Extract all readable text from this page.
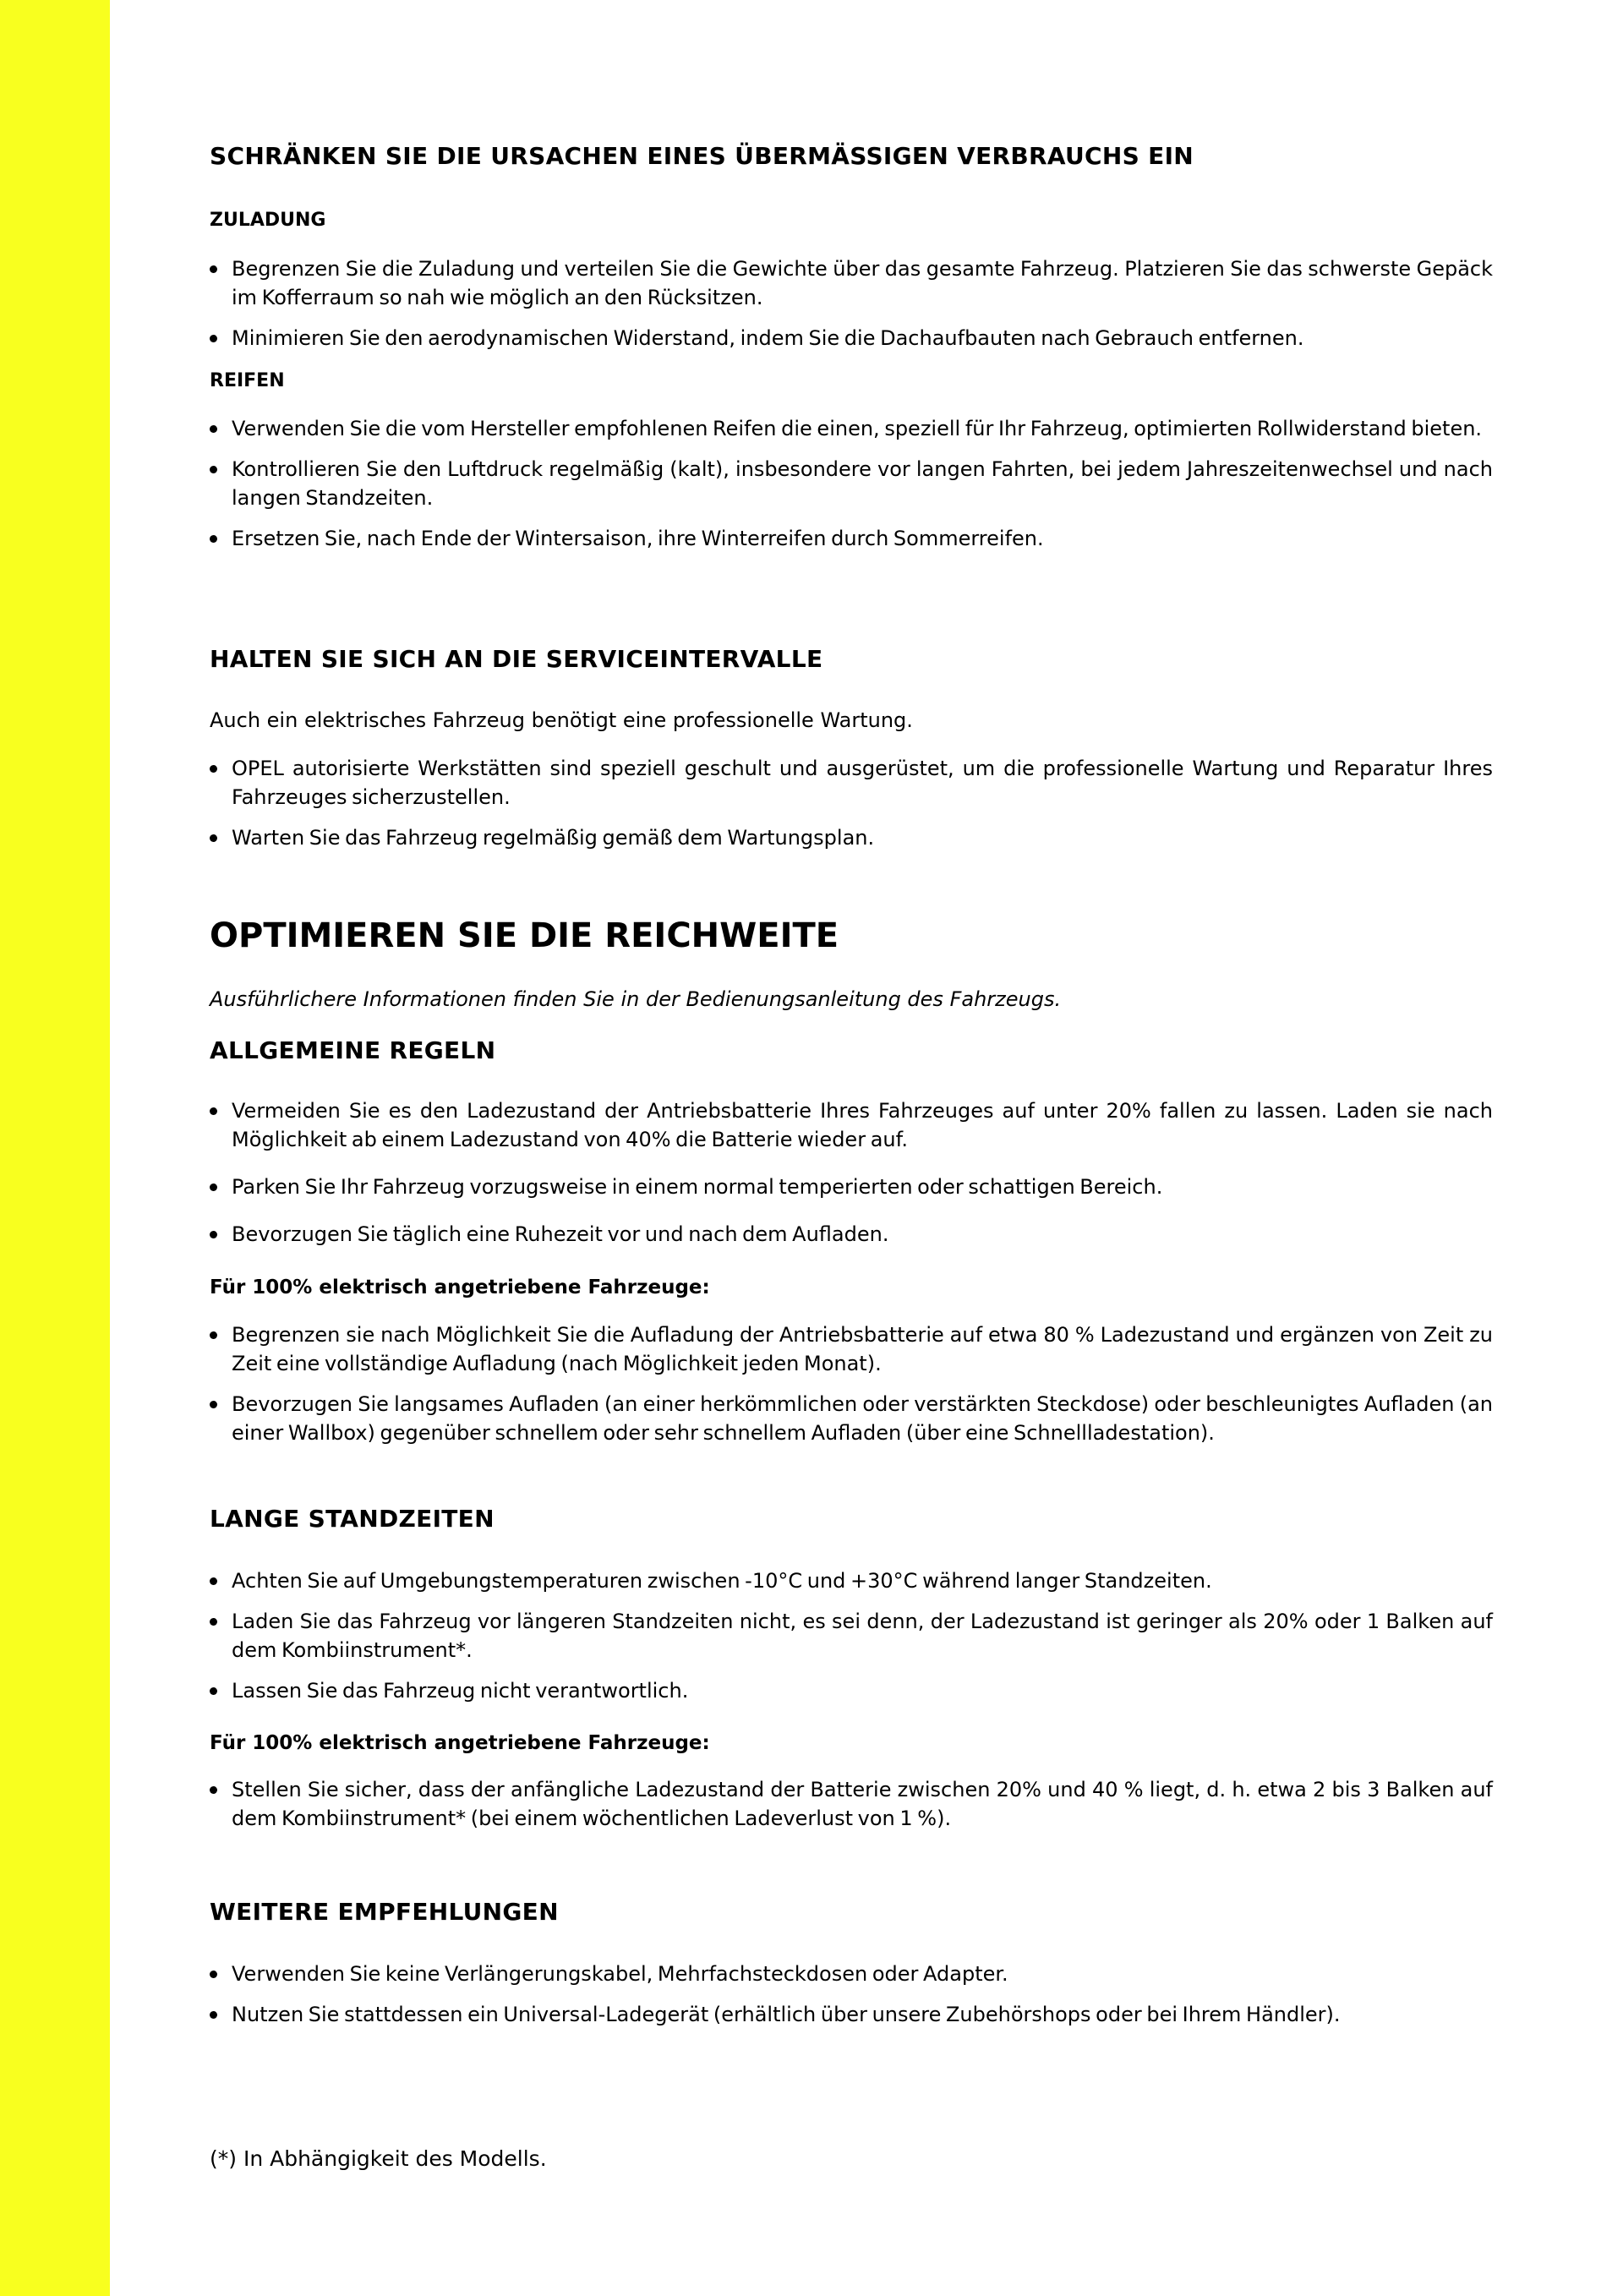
SCHRÄNKEN SIE DIE URSACHEN EINES ÜBERMÄSSIGEN VERBRAUCHS EIN
ZULADUNG
Begrenzen Sie die Zuladung und verteilen Sie die Gewichte über das gesamte Fahrzeug. Platzieren Sie das schwerste Gepäck im Kofferraum so nah wie möglich an den Rücksitzen.
Minimieren Sie den aerodynamischen Widerstand, indem Sie die Dachaufbauten nach Gebrauch entfernen.
REIFEN
Verwenden Sie die vom Hersteller empfohlenen Reifen die einen, speziell für Ihr Fahrzeug, optimierten Rollwiderstand bieten.
Kontrollieren Sie den Luftdruck regelmäßig (kalt), insbesondere vor langen Fahrten, bei jedem Jahreszeitenwechsel und nach langen Standzeiten.
Ersetzen Sie, nach Ende der Wintersaison, ihre Winterreifen durch Sommerreifen.
HALTEN SIE SICH AN DIE SERVICEINTERVALLE
Auch ein elektrisches Fahrzeug benötigt eine professionelle Wartung.
OPEL autorisierte Werkstätten sind speziell geschult und ausgerüstet, um die professionelle Wartung und Reparatur Ihres Fahrzeuges sicherzustellen.
Warten Sie das Fahrzeug regelmäßig gemäß dem Wartungsplan.
OPTIMIEREN SIE DIE REICHWEITE
Ausführlichere Informationen finden Sie in der Bedienungsanleitung des Fahrzeugs.
ALLGEMEINE REGELN
Vermeiden Sie es den Ladezustand der Antriebsbatterie Ihres Fahrzeuges auf unter 20% fallen zu lassen. Laden sie nach Möglichkeit ab einem Ladezustand von 40% die Batterie wieder auf.
Parken Sie Ihr Fahrzeug vorzugsweise in einem normal temperierten oder schattigen Bereich.
Bevorzugen Sie täglich eine Ruhezeit vor und nach dem Aufladen.
Für 100% elektrisch angetriebene Fahrzeuge:
Begrenzen sie nach Möglichkeit Sie die Aufladung der Antriebsbatterie auf etwa 80 % Ladezustand und ergänzen von Zeit zu Zeit eine vollständige Aufladung (nach Möglichkeit jeden Monat).
Bevorzugen Sie langsames Aufladen (an einer herkömmlichen oder verstärkten Steckdose) oder beschleunigtes Aufladen (an einer Wallbox) gegenüber schnellem oder sehr schnellem Aufladen (über eine Schnellladestation).
LANGE STANDZEITEN
Achten Sie auf Umgebungstemperaturen zwischen -10°C und +30°C während langer Standzeiten.
Laden Sie das Fahrzeug vor längeren Standzeiten nicht, es sei denn, der Ladezustand ist geringer als 20% oder 1 Balken auf dem Kombiinstrument*.
Lassen Sie das Fahrzeug nicht verantwortlich.
Für 100% elektrisch angetriebene Fahrzeuge:
Stellen Sie sicher, dass der anfängliche Ladezustand der Batterie zwischen 20% und 40 % liegt, d. h. etwa 2 bis 3 Balken auf dem Kombiinstrument* (bei einem wöchentlichen Ladeverlust von 1 %).
WEITERE EMPFEHLUNGEN
Verwenden Sie keine Verlängerungskabel, Mehrfachsteckdosen oder Adapter.
Nutzen Sie stattdessen ein Universal-Ladegerät (erhältlich über unsere Zubehörshops oder bei Ihrem Händler).
(*) In Abhängigkeit des Modells.
